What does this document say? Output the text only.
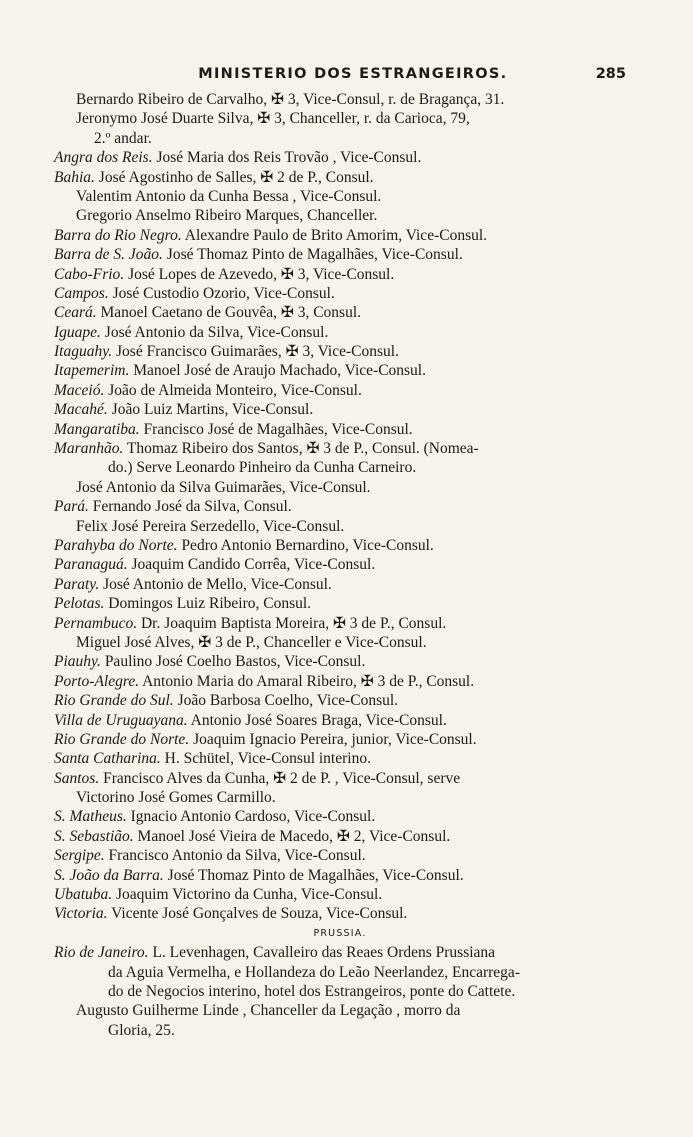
MINISTERIO DOS ESTRANGEIROS.	285
Bernardo Ribeiro de Carvalho, ✠ 3, Vice-Consul, r. de Bragança, 31.
Jeronymo José Duarte Silva, ✠ 3, Chanceller, r. da Carioca, 79,
2.º andar.
Angra dos Reis. José Maria dos Reis Trovão , Vice-Consul.
Bahia. José Agostinho de Salles, ✠ 2 de P., Consul.
Valentim Antonio da Cunha Bessa , Vice-Consul.
Gregorio Anselmo Ribeiro Marques, Chanceller.
Barra do Rio Negro. Alexandre Paulo de Brito Amorim, Vice-Consul.
Barra de S. João. José Thomaz Pinto de Magalhães, Vice-Consul.
Cabo-Frio. José Lopes de Azevedo, ✠ 3, Vice-Consul.
Campos. José Custodio Ozorio, Vice-Consul.
Ceará. Manoel Caetano de Gouvêa, ✠ 3, Consul.
Iguape. José Antonio da Silva, Vice-Consul.
Itaguahy. José Francisco Guimarães, ✠ 3, Vice-Consul.
Itapemerim. Manoel José de Araujo Machado, Vice-Consul.
Maceió. João de Almeida Monteiro, Vice-Consul.
Macahé. João Luiz Martins, Vice-Consul.
Mangaratiba. Francisco José de Magalhães, Vice-Consul.
Maranhão. Thomaz Ribeiro dos Santos, ✠ 3 de P., Consul. (Nomea-
do.) Serve Leonardo Pinheiro da Cunha Carneiro.
José Antonio da Silva Guimarães, Vice-Consul.
Pará. Fernando José da Silva, Consul.
Felix José Pereira Serzedello, Vice-Consul.
Parahyba do Norte. Pedro Antonio Bernardino, Vice-Consul.
Paranaguá. Joaquim Candido Corrêa, Vice-Consul.
Paraty. José Antonio de Mello, Vice-Consul.
Pelotas. Domingos Luiz Ribeiro, Consul.
Pernambuco. Dr. Joaquim Baptista Moreira, ✠ 3 de P., Consul.
Miguel José Alves, ✠ 3 de P., Chanceller e Vice-Consul.
Piauhy. Paulino José Coelho Bastos, Vice-Consul.
Porto-Alegre. Antonio Maria do Amaral Ribeiro, ✠ 3 de P., Consul.
Rio Grande do Sul. João Barbosa Coelho, Vice-Consul.
Villa de Uruguayana. Antonio José Soares Braga, Vice-Consul.
Rio Grande do Norte. Joaquim Ignacio Pereira, junior, Vice-Consul.
Santa Catharina. H. Schütel, Vice-Consul interino.
Santos. Francisco Alves da Cunha, ✠ 2 de P. , Vice-Consul, serve
Victorino José Gomes Carmillo.
S. Matheus. Ignacio Antonio Cardoso, Vice-Consul.
S. Sebastião. Manoel José Vieira de Macedo, ✠ 2, Vice-Consul.
Sergipe. Francisco Antonio da Silva, Vice-Consul.
S. João da Barra. José Thomaz Pinto de Magalhães, Vice-Consul.
Ubatuba. Joaquim Victorino da Cunha, Vice-Consul.
Victoria. Vicente José Gonçalves de Souza, Vice-Consul.
PRUSSIA.
Rio de Janeiro. L. Levenhagen, Cavalleiro das Reaes Ordens Prussiana
da Aguia Vermelha, e Hollandeza do Leão Neerlandez, Encarrega-
do de Negocios interino, hotel dos Estrangeiros, ponte do Cattete.
Augusto Guilherme Linde , Chanceller da Legação , morro da
Gloria, 25.
